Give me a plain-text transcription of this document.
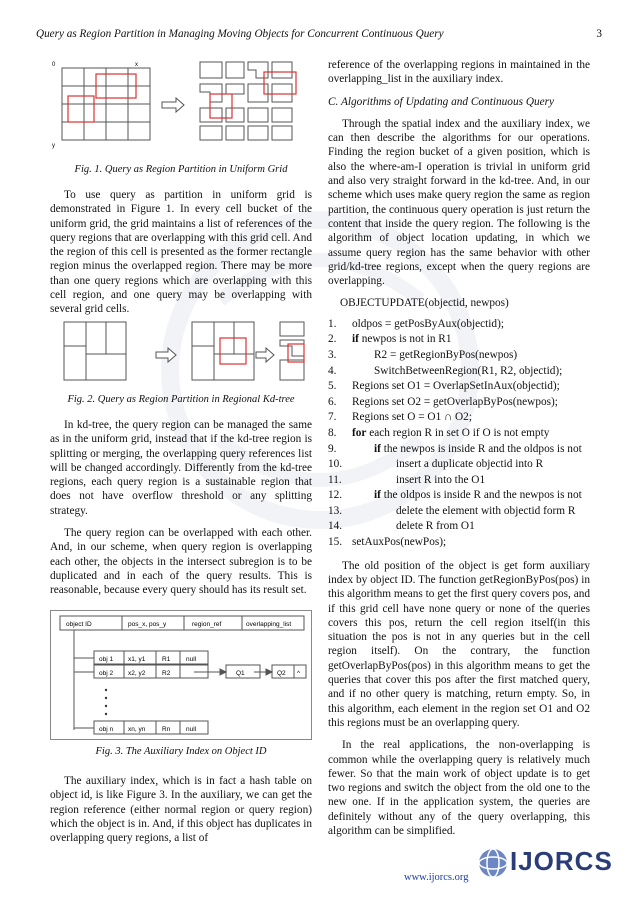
Query as Region Partition in Managing Moving Objects for Concurrent Continuous Query	3
0	x
y
Fig. 1. Query as Region Partition in Uniform Grid

To use query as partition in uniform grid is demonstrated in Figure 1. In every cell bucket of the uniform grid, the grid maintains a list of references of the query regions that are overlapping with this grid cell. And the region of this cell is presented as the former rectangle region minus the overlapped region. There may be more than one query regions which are overlapping with this cell region, and one query may be overlapping with several grid cells.

Fig. 2. Query as Region Partition in Regional Kd-tree

In kd-tree, the query region can be managed the same as in the uniform grid, instead that if the kd-tree region is splitting or merging, the overlapping query references list will be changed accordingly. Differently from the kd-tree regions, each query region is a sustainable region that does not have overflow threshold or any splitting strategy.

The query region can be overlapped with each other. And, in our scheme, when query region is overlapping each other, the objects in the intersect subregion is to be duplicated and in each of the query results. This is reasonable, because every query should has its result set.

object ID	pos_x, pos_y	region_ref	overlapping_list
obj 1 x1, y1	R1 null
obj 2 x2, y2	R2
obj n xn, yn	Rn null
Q1	Q2 ^
Fig. 3. The Auxiliary Index on Object ID

The auxiliary index, which is in fact a hash table on object id, is like Figure 3. In the auxiliary, we can get the region reference (either normal region or query region) which the object is in. And, if this object has duplicates in overlapping query regions, a list of

reference of the overlapping regions in maintained in the overlapping_list in the auxiliary index.

C. Algorithms of Updating and Continuous Query

Through the spatial index and the auxiliary index, we can then describe the algorithms for our operations. Finding the region bucket of a given position, which is also the where-am-I operation is trivial in uniform grid and also very straight forward in the kd-tree. And, in our scheme which uses make query region the same as region partition, the continuous query operation is just return the content that inside the query region. The following is the algorithm of object location updating, in which we assume query region has the same behavior with other grid/kd-tree regions, except when the query regions are overlapping.

OBJECTUPDATE(objectid, newpos)
1.	oldpos = getPosByAux(objectid);
2.	if newpos is not in R1
3.	R2 = getRegionByPos(newpos)
4.	SwitchBetweenRegion(R1, R2, objectid);
5.	Regions set O1 = OverlapSetInAux(objectid);
6.	Regions set O2 = getOverlapByPos(newpos);
7.	Regions set O = O1 ∩ O2;
8.	for each region R in set O if O is not empty
9.	if the newpos is inside R and the oldpos is not
10.	insert a duplicate objectid into R
11.	insert R into the O1
12.	if the oldpos is inside R and the newpos is not
13.	delete the element with objectid form R
14.	delete R from O1
15. setAuxPos(newPos);

The old position of the object is get form auxiliary index by object ID. The function getRegionByPos(pos) in this algorithm means to get the first query covers pos, and if this grid cell have none query or none of the queries covers this pos, return the cell region itself(in this situation the pos is not in any queries but in the cell region itself). On the contrary, the function getOverlapByPos(pos) in this algorithm means to get the queries that cover this pos after the first matched query, and if no other query is matching, return empty. So, in this algorithm, each element in the region set O1 and O2 this regions must be an overlapping query.

In the real applications, the non-overlapping is common while the overlapping query is relatively much fewer. So that the main work of object update is to get two regions and switch the object from the old one to the new one. If in the application system, the queries are definitely without any of the query overlapping, this algorithm can be simplified.

www.ijorcs.org
IJORCS
